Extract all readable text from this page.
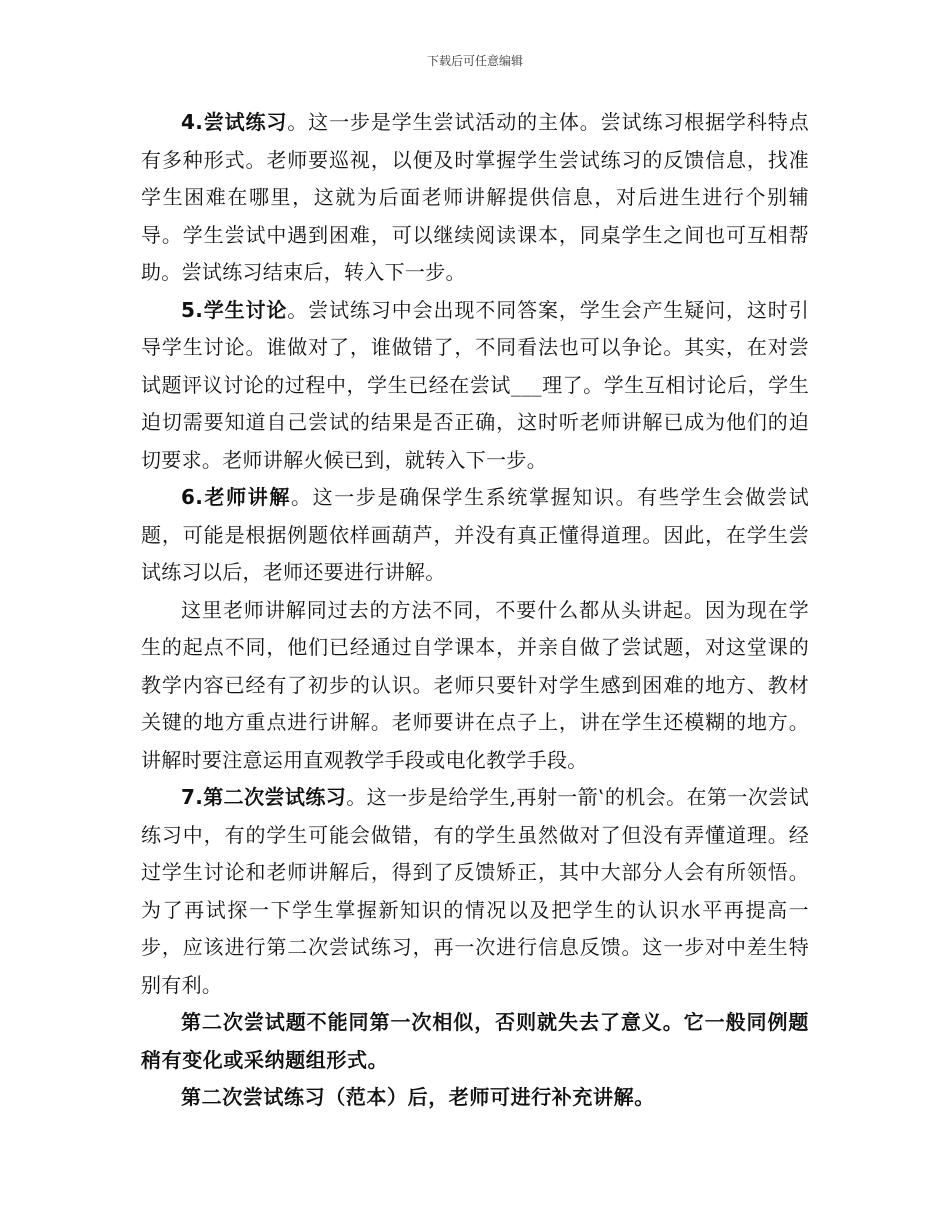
下载后可任意编辑

4.尝试练习。这一步是学生尝试活动的主体。尝试练习根据学科特点有多种形式。老师要巡视，以便及时掌握学生尝试练习的反馈信息，找准学生困难在哪里，这就为后面老师讲解提供信息，对后进生进行个别辅导。学生尝试中遇到困难，可以继续阅读课本，同桌学生之间也可互相帮助。尝试练习结束后，转入下一步。

5.学生讨论。尝试练习中会出现不同答案，学生会产生疑问，这时引导学生讨论。谁做对了，谁做错了，不同看法也可以争论。其实，在对尝试题评议讨论的过程中，学生已经在尝试___理了。学生互相讨论后，学生迫切需要知道自己尝试的结果是否正确，这时听老师讲解已成为他们的迫切要求。老师讲解火候已到，就转入下一步。

6.老师讲解。这一步是确保学生系统掌握知识。有些学生会做尝试题，可能是根据例题依样画葫芦，并没有真正懂得道理。因此，在学生尝试练习以后，老师还要进行讲解。

这里老师讲解同过去的方法不同，不要什么都从头讲起。因为现在学生的起点不同，他们已经通过自学课本，并亲自做了尝试题，对这堂课的教学内容已经有了初步的认识。老师只要针对学生感到困难的地方、教材关键的地方重点进行讲解。老师要讲在点子上，讲在学生还模糊的地方。讲解时要注意运用直观教学手段或电化教学手段。

7.第二次尝试练习。这一步是给学生,再射一箭‛的机会。在第一次尝试练习中，有的学生可能会做错，有的学生虽然做对了但没有弄懂道理。经过学生讨论和老师讲解后，得到了反馈矫正，其中大部分人会有所领悟。为了再试探一下学生掌握新知识的情况以及把学生的认识水平再提高一步，应该进行第二次尝试练习，再一次进行信息反馈。这一步对中差生特别有利。

第二次尝试题不能同第一次相似，否则就失去了意义。它一般同例题稍有变化或采纳题组形式。

第二次尝试练习（范本）后，老师可进行补充讲解。
